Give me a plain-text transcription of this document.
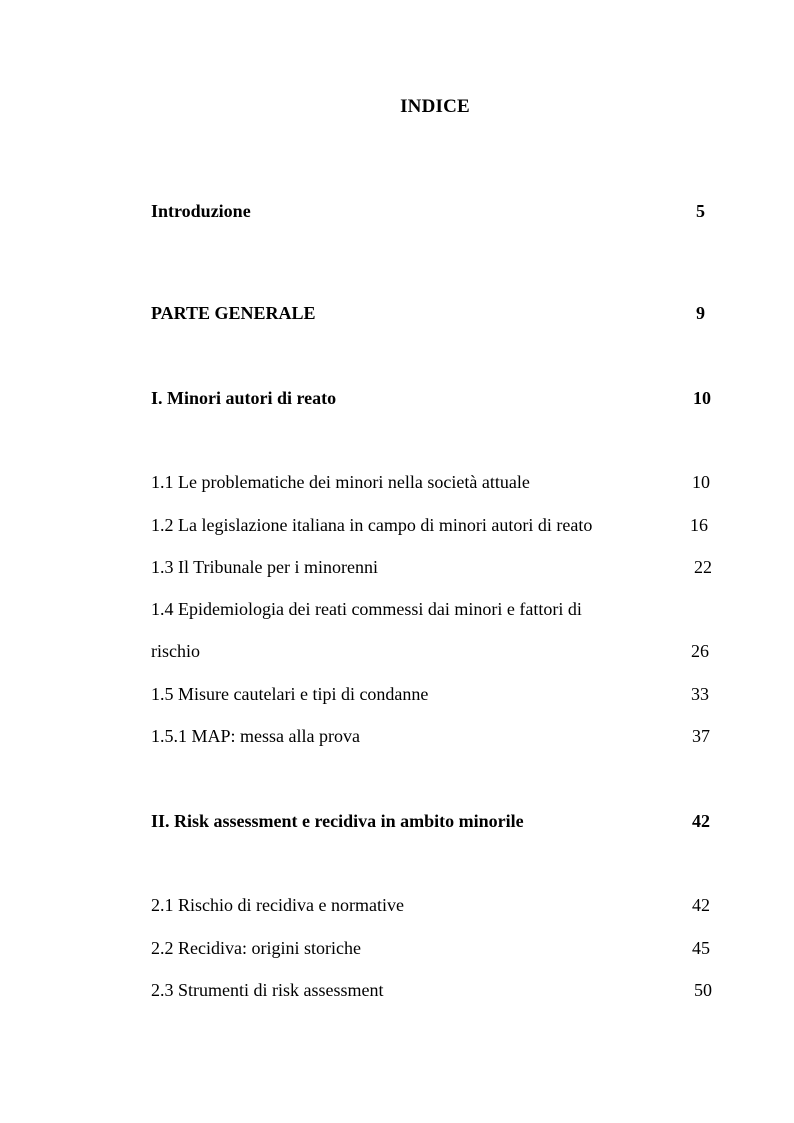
INDICE
Introduzione	5
PARTE GENERALE	9
I. Minori autori di reato	10
1.1 Le problematiche dei minori nella società attuale	10
1.2 La legislazione italiana in campo di minori autori di reato	16
1.3 Il Tribunale per i minorenni	22
1.4 Epidemiologia dei reati commessi dai minori e fattori di
rischio	26
1.5 Misure cautelari e tipi di condanne	33
1.5.1 MAP: messa alla prova	37
II. Risk assessment e recidiva in ambito minorile	42
2.1 Rischio di recidiva e normative	42
2.2 Recidiva: origini storiche	45
2.3 Strumenti di risk assessment	50
